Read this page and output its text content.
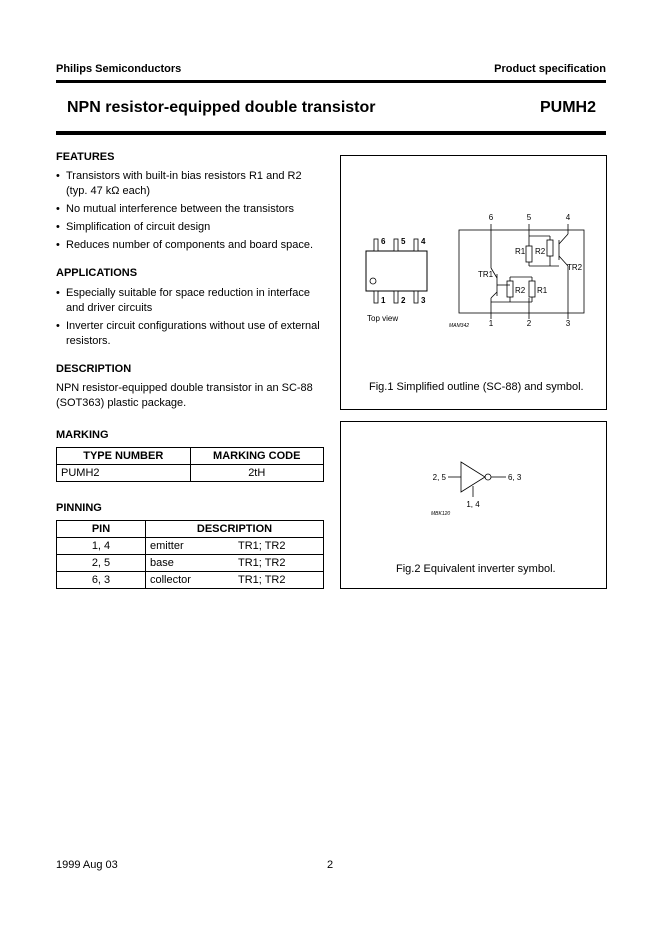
Philips Semiconductors	Product specification
NPN resistor-equipped double transistor	PUMH2
FEATURES
• Transistors with built-in bias resistors R1 and R2 (typ. 47 kΩ each)
• No mutual interference between the transistors
• Simplification of circuit design
• Reduces number of components and board space.
APPLICATIONS
• Especially suitable for space reduction in interface and driver circuits
• Inverter circuit configurations without use of external resistors.
DESCRIPTION
NPN resistor-equipped double transistor in an SC-88 (SOT363) plastic package.
MARKING
TYPE NUMBER	MARKING CODE
PUMH2	2tH
PINNING
PIN	DESCRIPTION	
1, 4	emitter	TR1; TR2
2, 5	base	TR1; TR2
6, 3	collector	TR1; TR2
6 5 4
1 2 3
Top view
6	5	4
1	2	3
R1 R2
TR2
TR1
R2 R1
MAM342
Fig.1 Simplified outline (SC-88) and symbol.
2, 5	6, 3
1, 4
MBK120
Fig.2 Equivalent inverter symbol.
1999 Aug 03	2
